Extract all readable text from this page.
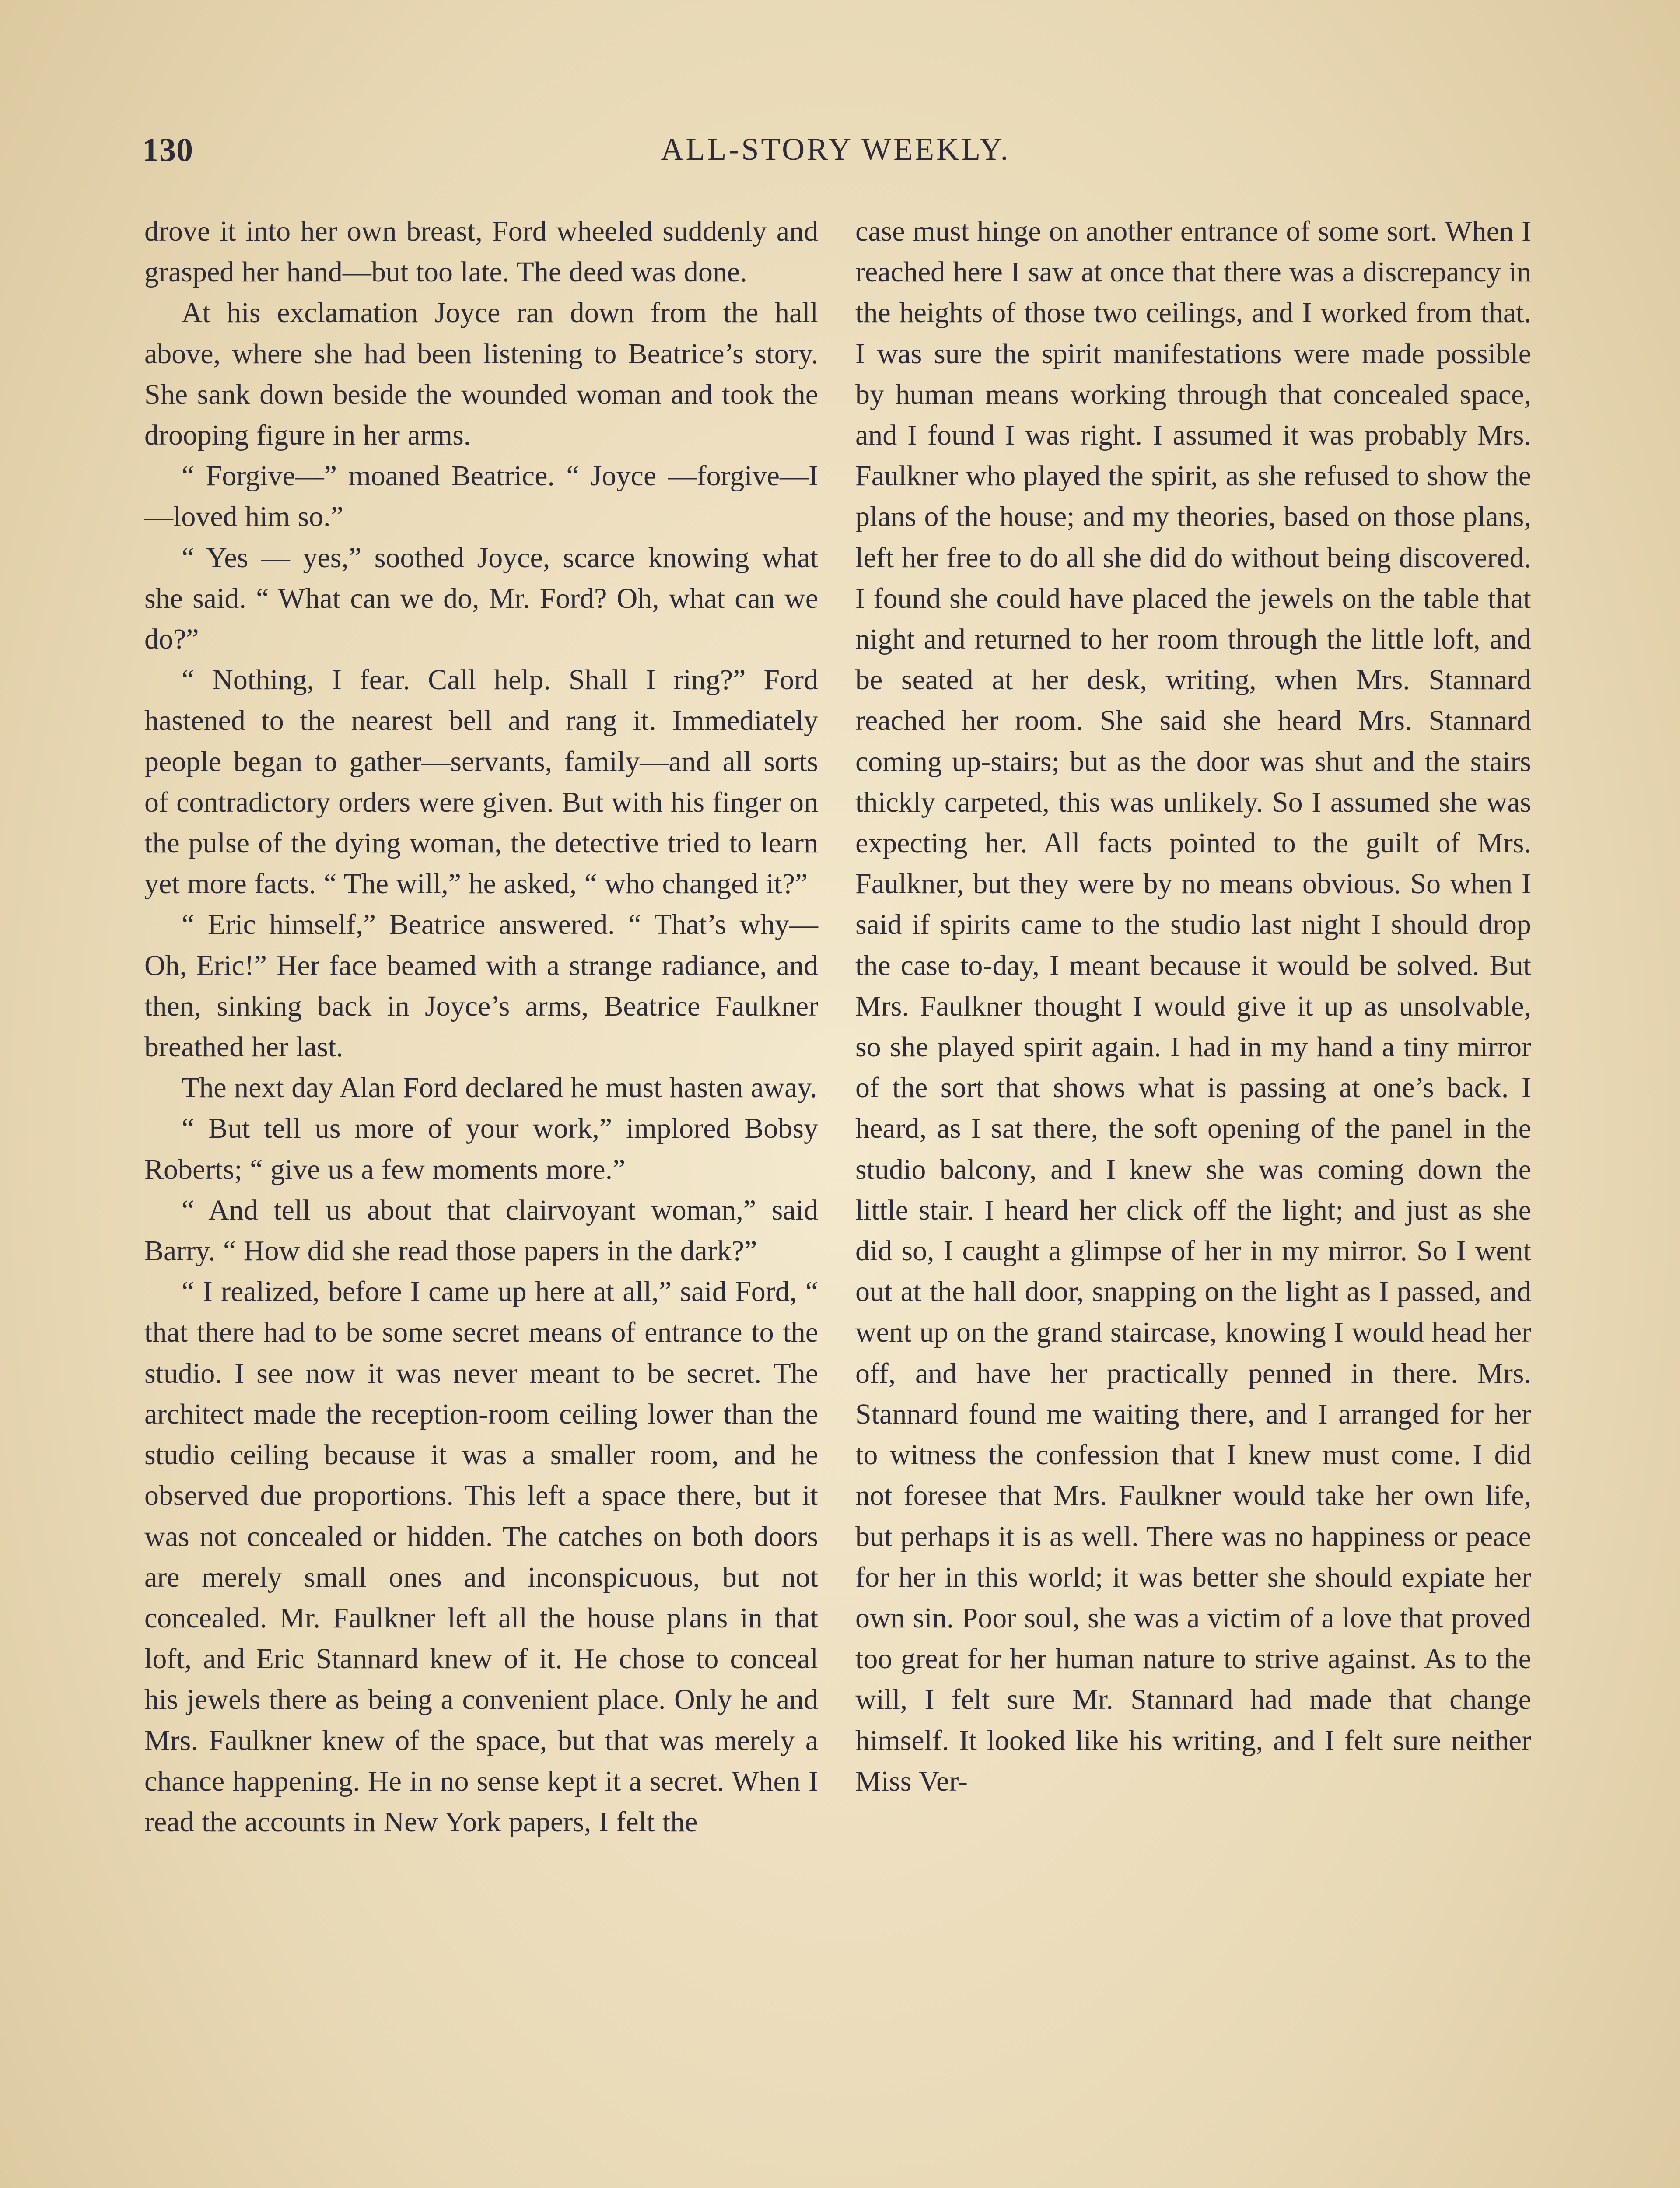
130	ALL-STORY WEEKLY.

drove it into her own breast, Ford wheeled suddenly and grasped her hand—but too late. The deed was done.

At his exclamation Joyce ran down from the hall above, where she had been listening to Beatrice’s story. She sank down beside the wounded woman and took the drooping figure in her arms.

“ Forgive—” moaned Beatrice. “ Joyce —forgive—I—loved him so.”

“ Yes — yes,” soothed Joyce, scarce knowing what she said. “ What can we do, Mr. Ford? Oh, what can we do?”

“ Nothing, I fear. Call help. Shall I ring?” Ford hastened to the nearest bell and rang it. Immediately people began to gather—servants, family—and all sorts of contradictory orders were given. But with his finger on the pulse of the dying woman, the detective tried to learn yet more facts. “ The will,” he asked, “ who changed it?”

“ Eric himself,” Beatrice answered. “ That’s why— Oh, Eric!” Her face beamed with a strange radiance, and then, sinking back in Joyce’s arms, Beatrice Faulkner breathed her last.

The next day Alan Ford declared he must hasten away.

“ But tell us more of your work,” implored Bobsy Roberts; “ give us a few moments more.”

“ And tell us about that clairvoyant woman,” said Barry. “ How did she read those papers in the dark?”

“ I realized, before I came up here at all,” said Ford, “ that there had to be some secret means of entrance to the studio. I see now it was never meant to be secret. The architect made the reception-room ceiling lower than the studio ceiling because it was a smaller room, and he observed due proportions. This left a space there, but it was not concealed or hidden. The catches on both doors are merely small ones and inconspicuous, but not concealed. Mr. Faulkner left all the house plans in that loft, and Eric Stannard knew of it. He chose to conceal his jewels there as being a convenient place. Only he and Mrs. Faulkner knew of the space, but that was merely a chance happening. He in no sense kept it a secret. When I read the accounts in New York papers, I felt the

case must hinge on another entrance of some sort. When I reached here I saw at once that there was a discrepancy in the heights of those two ceilings, and I worked from that. I was sure the spirit manifestations were made possible by human means working through that concealed space, and I found I was right. I assumed it was probably Mrs. Faulkner who played the spirit, as she refused to show the plans of the house; and my theories, based on those plans, left her free to do all she did do without being discovered. I found she could have placed the jewels on the table that night and returned to her room through the little loft, and be seated at her desk, writing, when Mrs. Stannard reached her room. She said she heard Mrs. Stannard coming up-stairs; but as the door was shut and the stairs thickly carpeted, this was unlikely. So I assumed she was expecting her. All facts pointed to the guilt of Mrs. Faulkner, but they were by no means obvious. So when I said if spirits came to the studio last night I should drop the case to-day, I meant because it would be solved. But Mrs. Faulkner thought I would give it up as unsolvable, so she played spirit again. I had in my hand a tiny mirror of the sort that shows what is passing at one’s back. I heard, as I sat there, the soft opening of the panel in the studio balcony, and I knew she was coming down the little stair. I heard her click off the light; and just as she did so, I caught a glimpse of her in my mirror. So I went out at the hall door, snapping on the light as I passed, and went up on the grand staircase, knowing I would head her off, and have her practically penned in there. Mrs. Stannard found me waiting there, and I arranged for her to witness the confession that I knew must come. I did not foresee that Mrs. Faulkner would take her own life, but perhaps it is as well. There was no happiness or peace for her in this world; it was better she should expiate her own sin. Poor soul, she was a victim of a love that proved too great for her human nature to strive against. As to the will, I felt sure Mr. Stannard had made that change himself. It looked like his writing, and I felt sure neither Miss Ver-
